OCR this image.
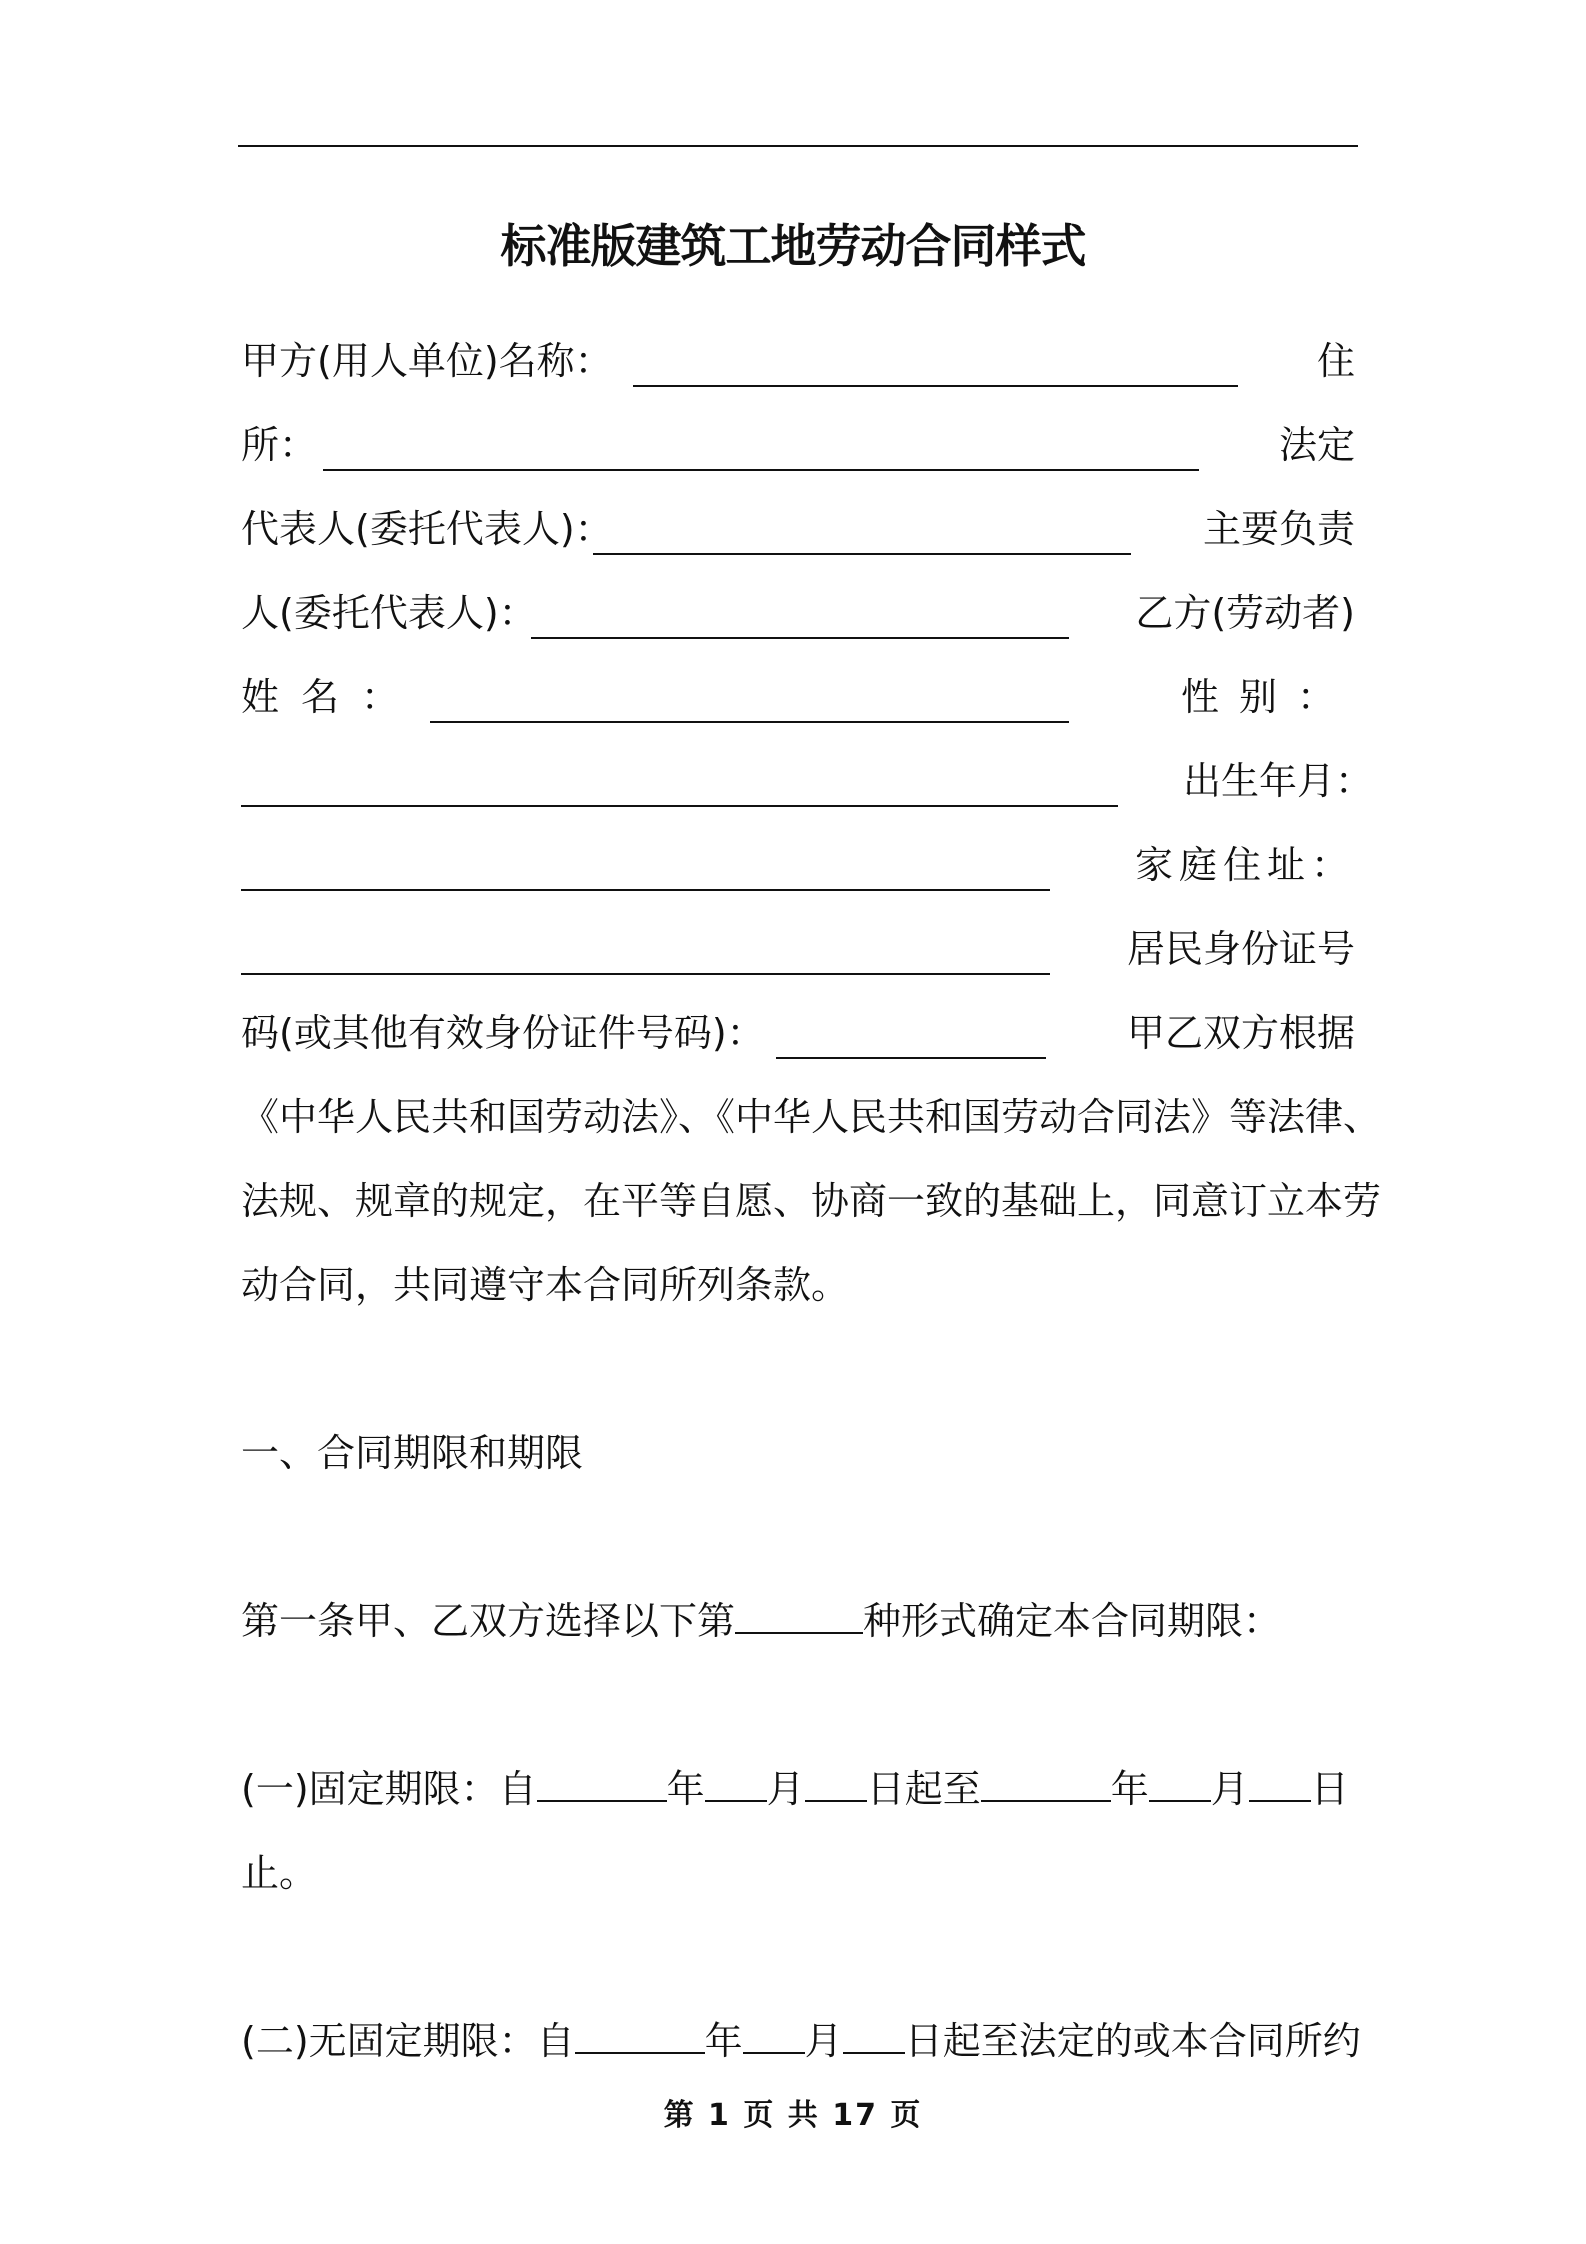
标准版建筑工地劳动合同样式
甲方(用人单位)名称：	住
所：	法定
代表人(委托代表人)：	主要负责
人(委托代表人)：	乙方(劳动者)
姓名：	性别：
出生年月：
家庭住址：
居民身份证号
码(或其他有效身份证件号码)：	甲乙双方根据
《中华人民共和国劳动法》、《中华人民共和国劳动合同法》等法律、
法规、规章的规定，在平等自愿、协商一致的基础上，同意订立本劳
动合同，共同遵守本合同所列条款。
一、合同期限和期限
第一条甲、乙双方选择以下第	种形式确定本合同期限：
(一)固定期限：自	年 月 日起至	年 月 日
止。
(二)无固定期限：自	年 月 日起至法定的或本合同所约
第 1 页 共 17 页
